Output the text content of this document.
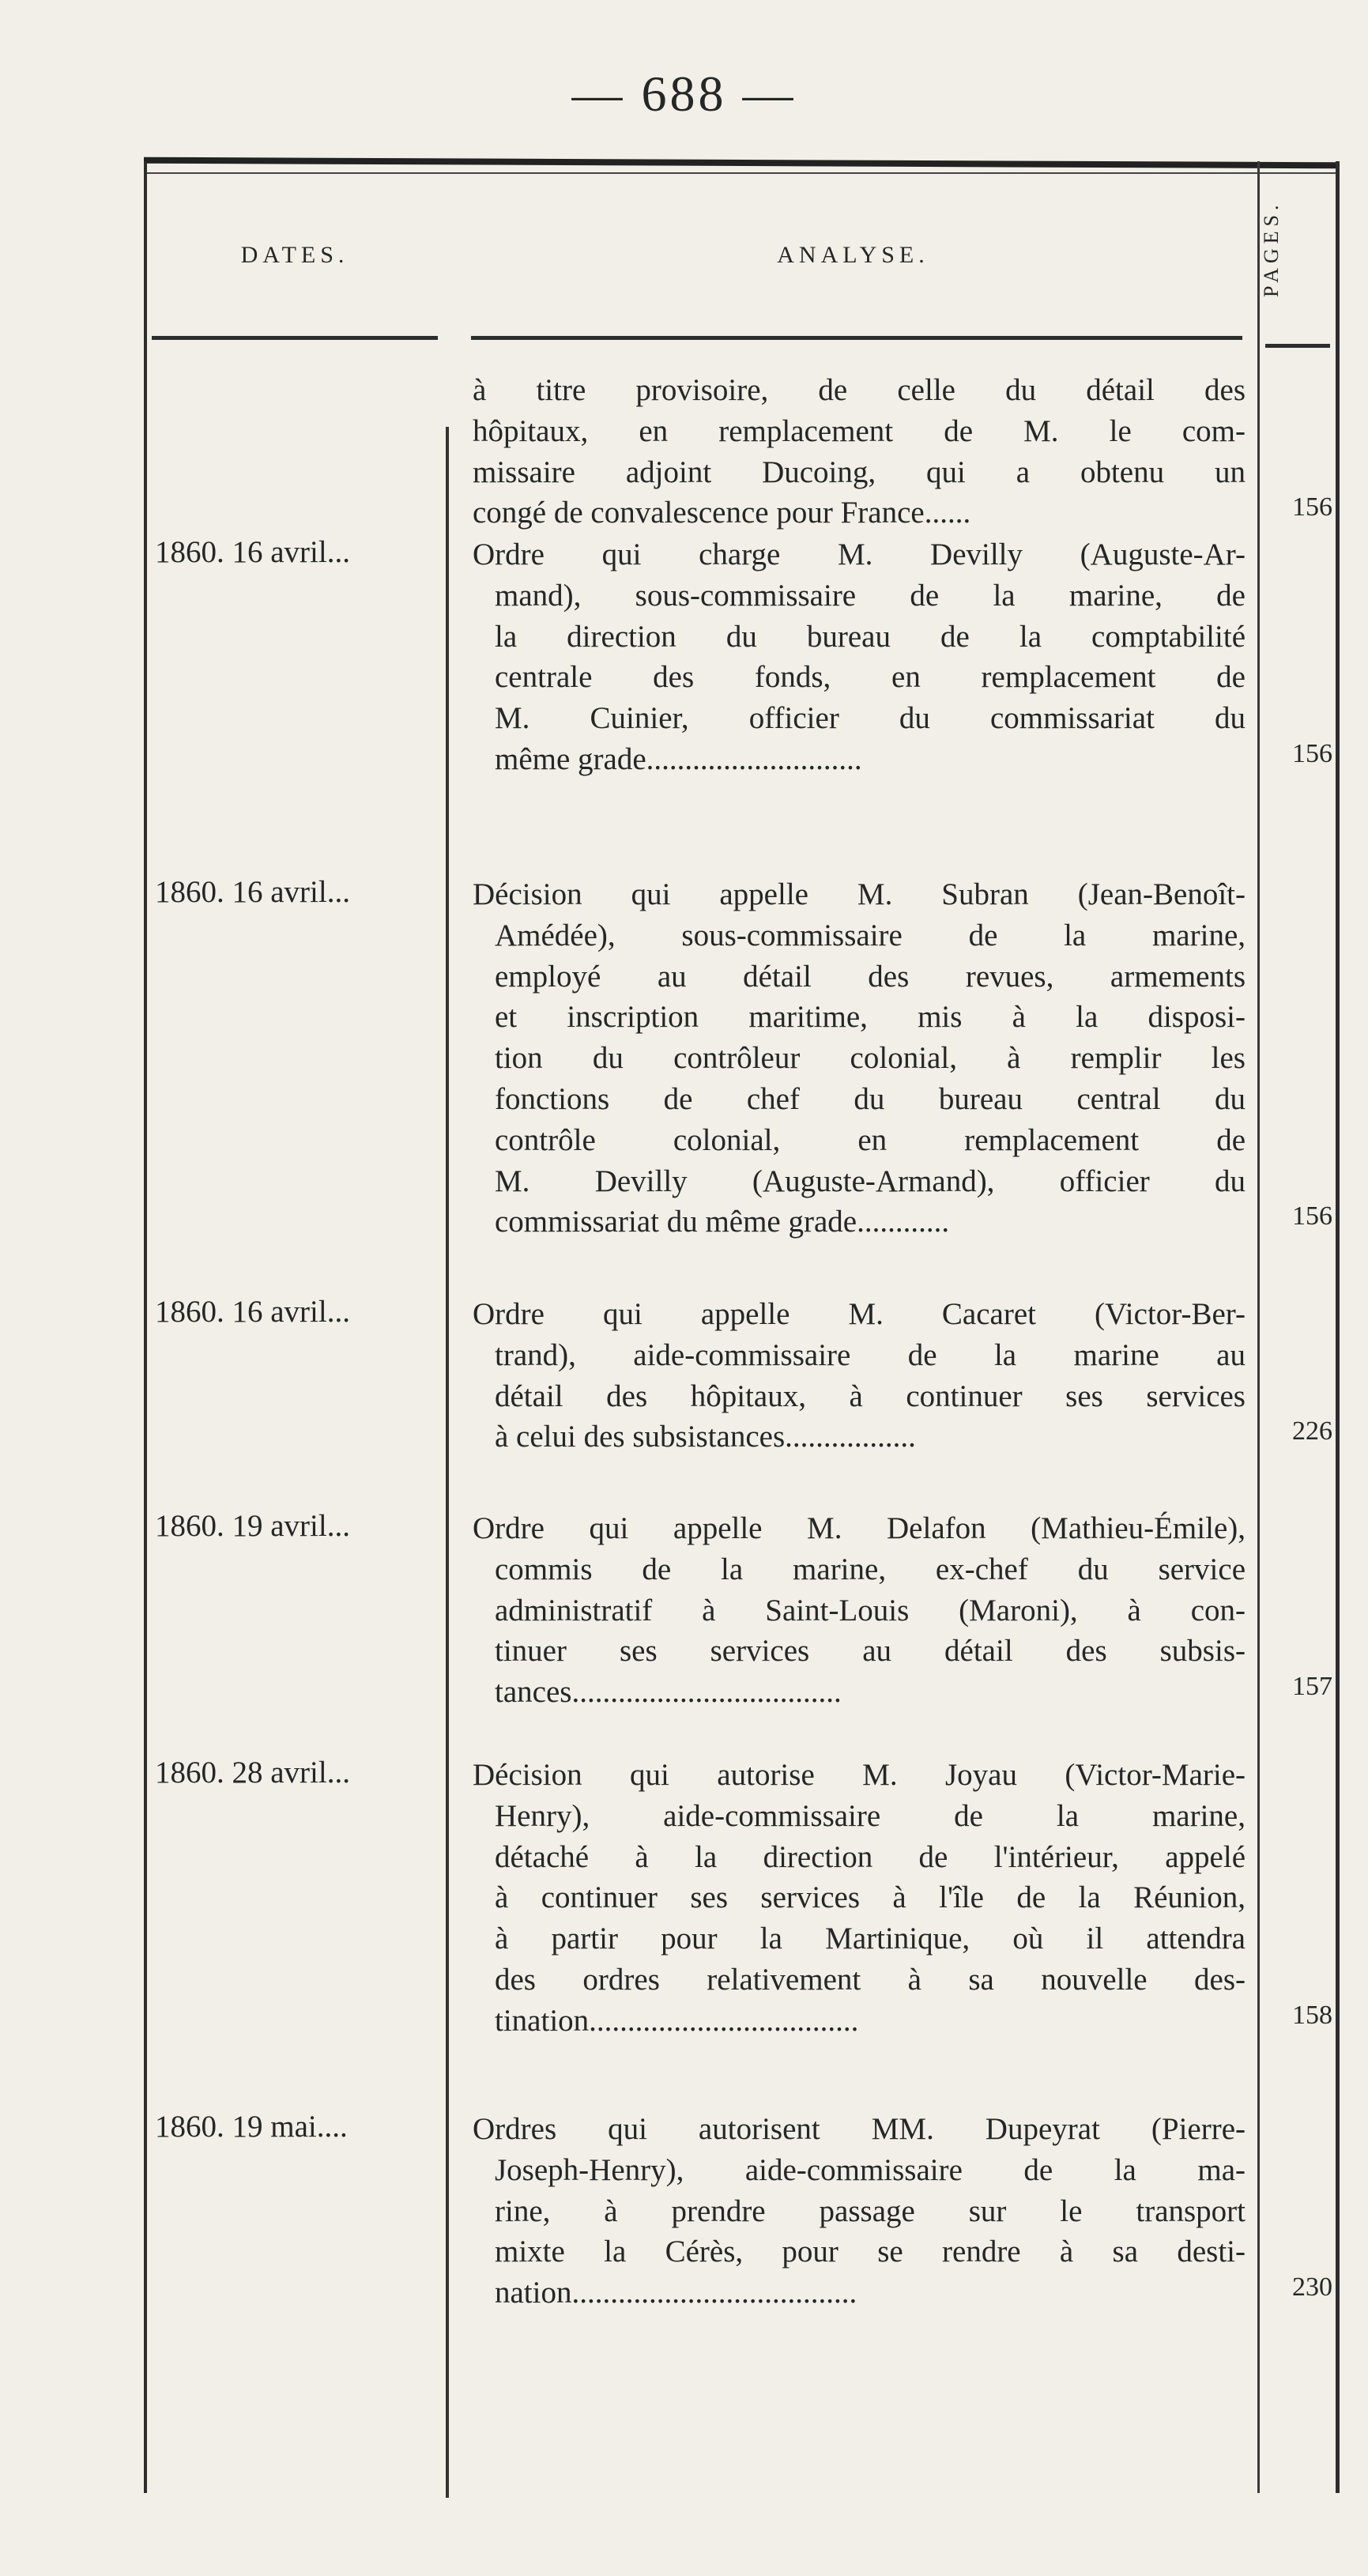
— 688 —
DATES.	ANALYSE.	PAGES.
à titre provisoire, de celle du détail des
hôpitaux, en remplacement de M. le com-
missaire adjoint Ducoing, qui a obtenu un
congé de convalescence pour France......	156
1860. 16 avril...	Ordre qui charge M. Devilly (Auguste-Ar-
mand), sous-commissaire de la marine, de
la direction du bureau de la comptabilité
centrale des fonds, en remplacement de
M. Cuinier, officier du commissariat du
même grade............................	156
1860. 16 avril...	Décision qui appelle M. Subran (Jean-Benoît-
Amédée), sous-commissaire de la marine,
employé au détail des revues, armements
et inscription maritime, mis à la disposi-
tion du contrôleur colonial, à remplir les
fonctions de chef du bureau central du
contrôle colonial, en remplacement de
M. Devilly (Auguste-Armand), officier du
commissariat du même grade............	156
1860. 16 avril...	Ordre qui appelle M. Cacaret (Victor-Ber-
trand), aide-commissaire de la marine au
détail des hôpitaux, à continuer ses services
à celui des subsistances.................	226
1860. 19 avril...	Ordre qui appelle M. Delafon (Mathieu-Émile),
commis de la marine, ex-chef du service
administratif à Saint-Louis (Maroni), à con-
tinuer ses services au détail des subsis-
tances...................................	157
1860. 28 avril...	Décision qui autorise M. Joyau (Victor-Marie-
Henry), aide-commissaire de la marine,
détaché à la direction de l'intérieur, appelé
à continuer ses services à l'île de la Réunion,
à partir pour la Martinique, où il attendra
des ordres relativement à sa nouvelle des-
tination...................................	158
1860. 19 mai....	Ordres qui autorisent MM. Dupeyrat (Pierre-
Joseph-Henry), aide-commissaire de la ma-
rine, à prendre passage sur le transport
mixte la Cérès, pour se rendre à sa desti-
nation.....................................	230
